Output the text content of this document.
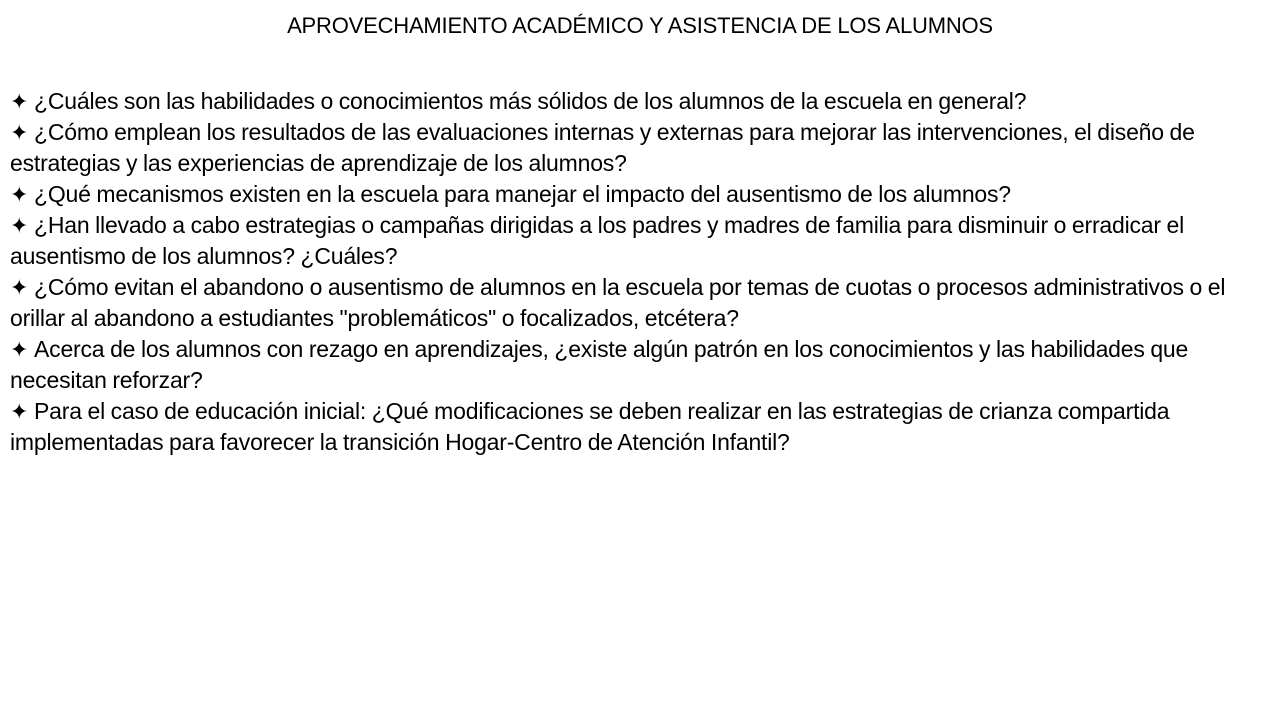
APROVECHAMIENTO ACADÉMICO Y ASISTENCIA DE LOS ALUMNOS
✦ ¿Cuáles son las habilidades o conocimientos más sólidos de los alumnos de la escuela en general?
✦ ¿Cómo emplean los resultados de las evaluaciones internas y externas para mejorar las intervenciones, el diseño de estrategias y las experiencias de aprendizaje de los alumnos?
✦ ¿Qué mecanismos existen en la escuela para manejar el impacto del ausentismo de los alumnos?
✦ ¿Han llevado a cabo estrategias o campañas dirigidas a los padres y madres de familia para disminuir o erradicar el ausentismo de los alumnos? ¿Cuáles?
✦ ¿Cómo evitan el abandono o ausentismo de alumnos en la escuela por temas de cuotas o procesos administrativos o el orillar al abandono a estudiantes "problemáticos" o focalizados, etcétera?
✦ Acerca de los alumnos con rezago en aprendizajes, ¿existe algún patrón en los conocimientos y las habilidades que necesitan reforzar?
✦ Para el caso de educación inicial: ¿Qué modificaciones se deben realizar en las estrategias de crianza compartida implementadas para favorecer la transición Hogar-Centro de Atención Infantil?
